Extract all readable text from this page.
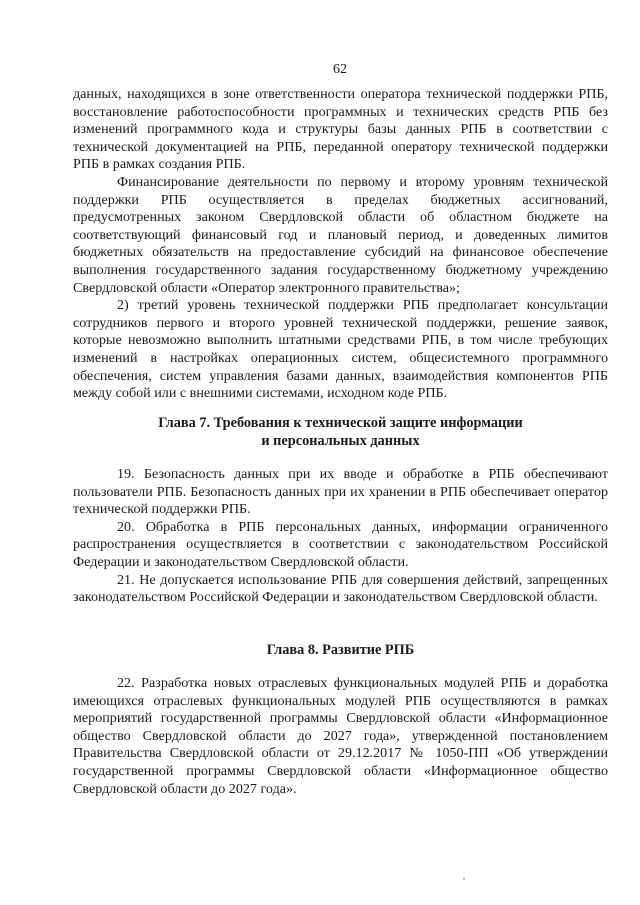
62

данных, находящихся в зоне ответственности оператора технической поддержки РПБ, восстановление работоспособности программных и технических средств РПБ без изменений программного кода и структуры базы данных РПБ в соответствии с технической документацией на РПБ, переданной оператору технической поддержки РПБ в рамках создания РПБ.

Финансирование деятельности по первому и второму уровням технической поддержки РПБ осуществляется в пределах бюджетных ассигнований, предусмотренных законом Свердловской области об областном бюджете на соответствующий финансовый год и плановый период, и доведенных лимитов бюджетных обязательств на предоставление субсидий на финансовое обеспечение выполнения государственного задания государственному бюджетному учреждению Свердловской области «Оператор электронного правительства»;

2) третий уровень технической поддержки РПБ предполагает консультации сотрудников первого и второго уровней технической поддержки, решение заявок, которые невозможно выполнить штатными средствами РПБ, в том числе требующих изменений в настройках операционных систем, общесистемного программного обеспечения, систем управления базами данных, взаимодействия компонентов РПБ между собой или с внешними системами, исходном коде РПБ.

Глава 7. Требования к технической защите информации
и персональных данных

19. Безопасность данных при их вводе и обработке в РПБ обеспечивают пользователи РПБ. Безопасность данных при их хранении в РПБ обеспечивает оператор технической поддержки РПБ.

20. Обработка в РПБ персональных данных, информации ограниченного распространения осуществляется в соответствии с законодательством Российской Федерации и законодательством Свердловской области.

21. Не допускается использование РПБ для совершения действий, запрещенных законодательством Российской Федерации и законодательством Свердловской области.

Глава 8. Развитие РПБ

22. Разработка новых отраслевых функциональных модулей РПБ и доработка имеющихся отраслевых функциональных модулей РПБ осуществляются в рамках мероприятий государственной программы Свердловской области «Информационное общество Свердловской области до 2027 года», утвержденной постановлением Правительства Свердловской области от 29.12.2017 № 1050-ПП «Об утверждении государственной программы Свердловской области «Информационное общество Свердловской области до 2027 года».
